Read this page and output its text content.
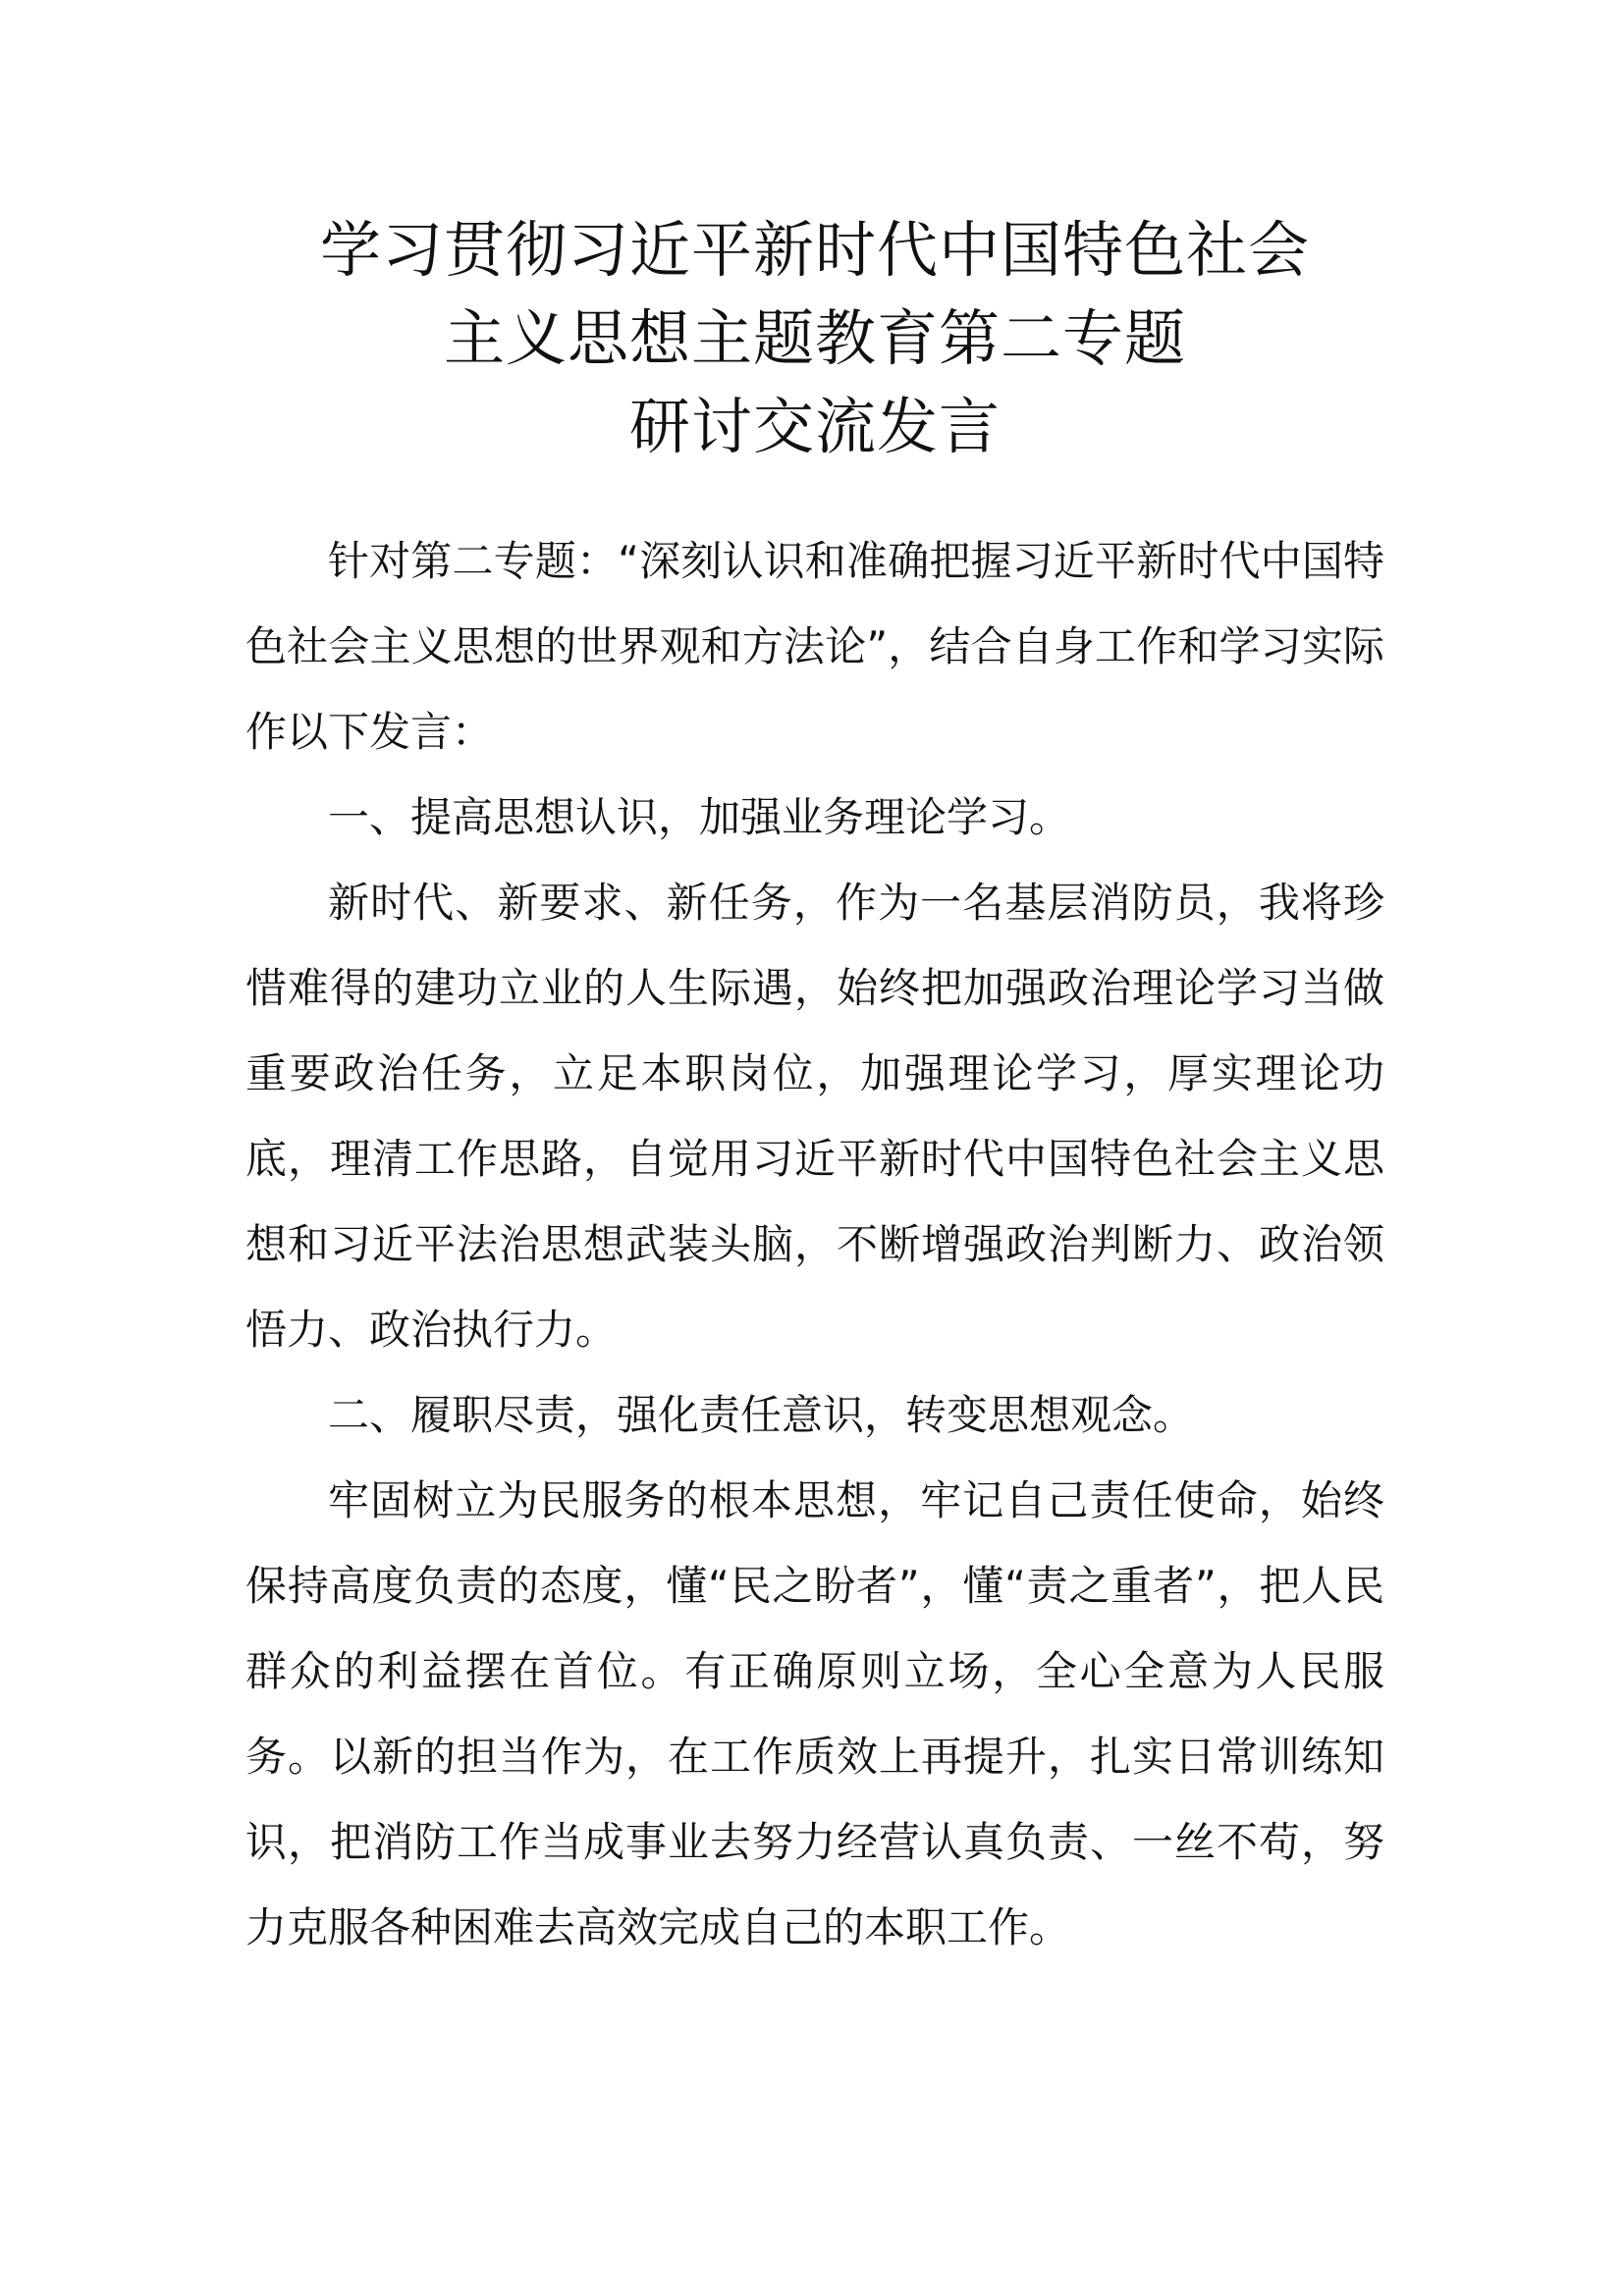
学习贯彻习近平新时代中国特色社会
主义思想主题教育第二专题
研讨交流发言

针对第二专题：“深刻认识和准确把握习近平新时代中国特色社会主义思想的世界观和方法论”，结合自身工作和学习实际作以下发言：

一、提高思想认识，加强业务理论学习。

新时代、新要求、新任务，作为一名基层消防员，我将珍惜难得的建功立业的人生际遇，始终把加强政治理论学习当做重要政治任务，立足本职岗位，加强理论学习，厚实理论功底，理清工作思路，自觉用习近平新时代中国特色社会主义思想和习近平法治思想武装头脑，不断增强政治判断力、政治领悟力、政治执行力。

二、履职尽责，强化责任意识，转变思想观念。

牢固树立为民服务的根本思想，牢记自己责任使命，始终保持高度负责的态度，懂“民之盼者”，懂“责之重者”，把人民群众的利益摆在首位。有正确原则立场，全心全意为人民服务。以新的担当作为，在工作质效上再提升，扎实日常训练知识，把消防工作当成事业去努力经营认真负责、一丝不苟，努力克服各种困难去高效完成自己的本职工作。
